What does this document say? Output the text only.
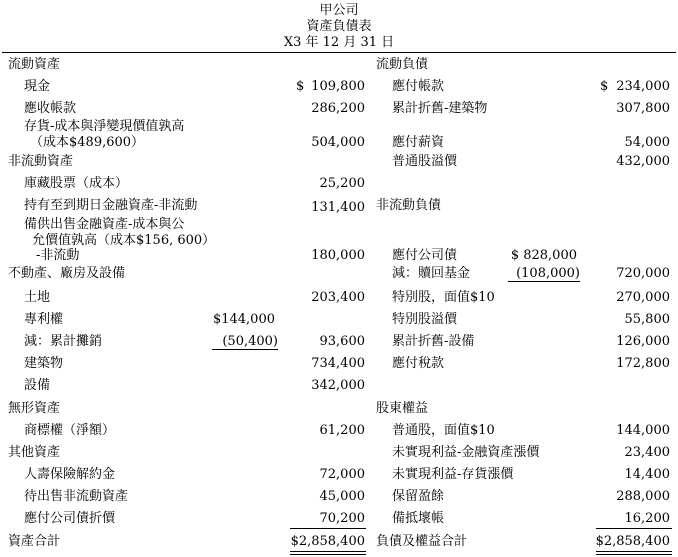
甲公司
資產負債表
X3 年 12 月 31 日
流動資產
現金	$ 109,800
應收帳款	286,200
存貨-成本與淨變現價值孰高
（成本$489,600）	504,000
非流動資產
庫藏股票（成本）	25,200
持有至到期日金融資產-非流動	131,400
備供出售金融資產-成本與公
允價值孰高（成本$156, 600）
-非流動	180,000
不動產、廠房及設備
土地	203,400
專利權	$144,000
減：累計攤銷	(50,400)	93,600
建築物	734,400
設備	342,000
無形資產
商標權（淨額）	61,200
其他資產
人壽保險解約金	72,000
待出售非流動資產	45,000
應付公司債折價	70,200
資產合計	$2,858,400
流動負債
應付帳款	$ 234,000
累計折舊-建築物	307,800
應付薪資	54,000
普通股溢價	432,000
非流動負債
應付公司債	$ 828,000
減：贖回基金	(108,000)	720,000
特別股，面值$10	270,000
特別股溢價	55,800
累計折舊-設備	126,000
應付稅款	172,800
股東權益
普通股，面值$10	144,000
未實現利益-金融資產漲價	23,400
未實現利益-存貨漲價	14,400
保留盈餘	288,000
備抵壞帳	16,200
負債及權益合計	$2,858,400
